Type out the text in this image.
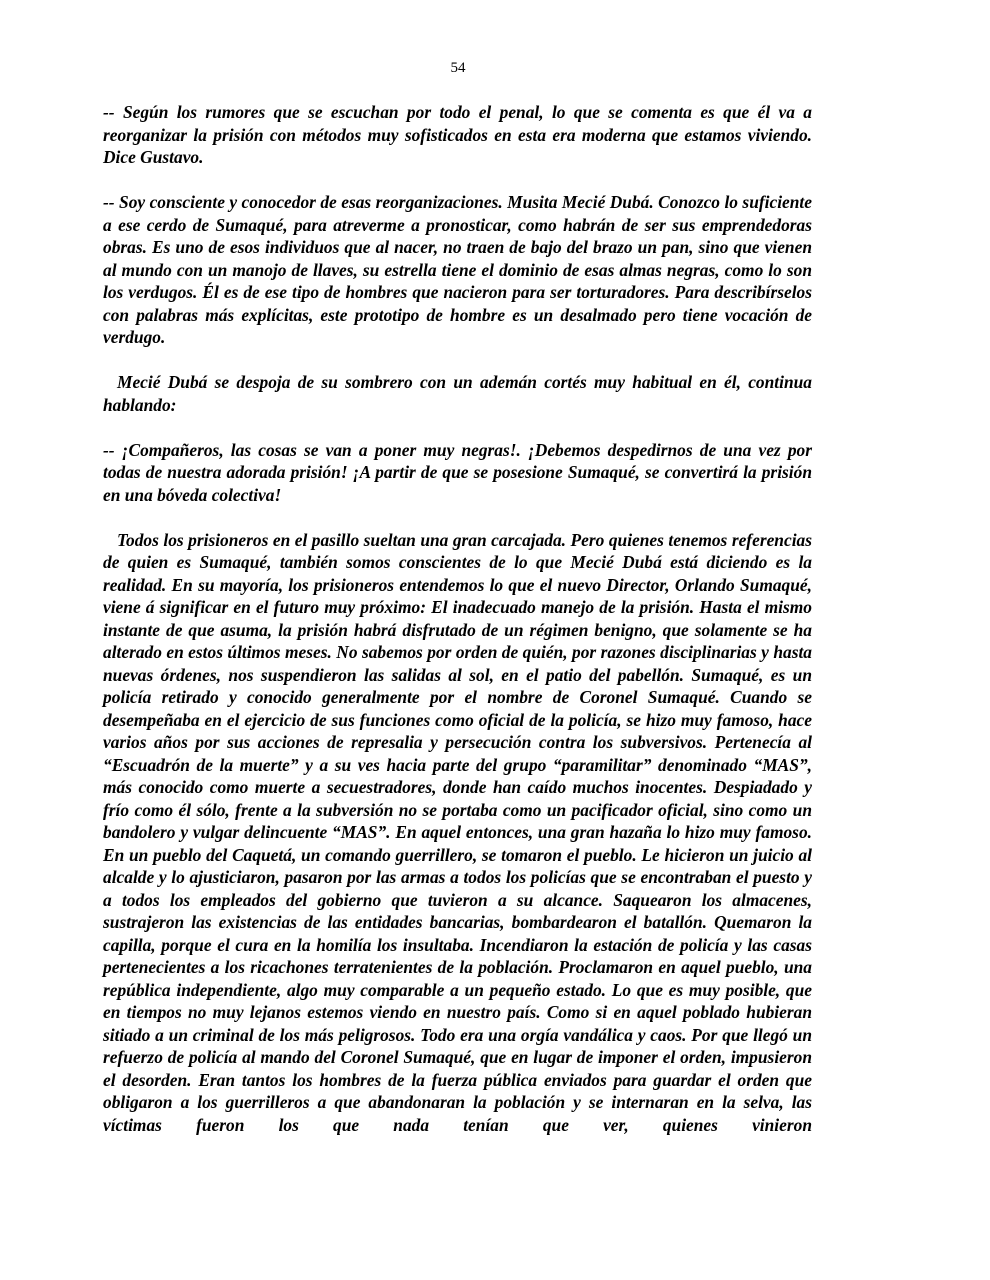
54

-- Según los rumores que se escuchan por todo el penal, lo que se comenta es que él va a reorganizar la prisión con métodos muy sofisticados en esta era moderna que estamos viviendo. Dice Gustavo.

-- Soy consciente y conocedor de esas reorganizaciones. Musita Mecié Dubá. Conozco lo suficiente a ese cerdo de Sumaqué, para atreverme a pronosticar, como habrán de ser sus emprendedoras obras. Es uno de esos individuos que al nacer, no traen de bajo del brazo un pan, sino que vienen al mundo con un manojo de llaves, su estrella tiene el dominio de esas almas negras, como lo son los verdugos. Él es de ese tipo de hombres que nacieron para ser torturadores. Para describírselos con palabras más explícitas, este prototipo de hombre es un desalmado pero tiene vocación de verdugo.

Mecié Dubá se despoja de su sombrero con un ademán cortés muy habitual en él, continua hablando:

-- ¡Compañeros, las cosas se van a poner muy negras!. ¡Debemos despedirnos de una vez por todas de nuestra adorada prisión! ¡A partir de que se posesione Sumaqué, se convertirá la prisión en una bóveda colectiva!

Todos los prisioneros en el pasillo sueltan una gran carcajada. Pero quienes tenemos referencias de quien es Sumaqué, también somos conscientes de lo que Mecié Dubá está diciendo es la realidad. En su mayoría, los prisioneros entendemos lo que el nuevo Director, Orlando Sumaqué, viene á significar en el futuro muy próximo: El inadecuado manejo de la prisión. Hasta el mismo instante de que asuma, la prisión habrá disfrutado de un régimen benigno, que solamente se ha alterado en estos últimos meses. No sabemos por orden de quién, por razones disciplinarias y hasta nuevas órdenes, nos suspendieron las salidas al sol, en el patio del pabellón. Sumaqué, es un policía retirado y conocido generalmente por el nombre de Coronel Sumaqué. Cuando se desempeñaba en el ejercicio de sus funciones como oficial de la policía, se hizo muy famoso, hace varios años por sus acciones de represalia y persecución contra los subversivos. Pertenecía al “Escuadrón de la muerte” y a su ves hacia parte del grupo “paramilitar” denominado “MAS”, más conocido como muerte a secuestradores, donde han caído muchos inocentes. Despiadado y frío como él sólo, frente a la subversión no se portaba como un pacificador oficial, sino como un bandolero y vulgar delincuente “MAS”. En aquel entonces, una gran hazaña lo hizo muy famoso. En un pueblo del Caquetá, un comando guerrillero, se tomaron el pueblo. Le hicieron un juicio al alcalde y lo ajusticiaron, pasaron por las armas a todos los policías que se encontraban el puesto y a todos los empleados del gobierno que tuvieron a su alcance. Saquearon los almacenes, sustrajeron las existencias de las entidades bancarias, bombardearon el batallón. Quemaron la capilla, porque el cura en la homilía los insultaba. Incendiaron la estación de policía y las casas pertenecientes a los ricachones terratenientes de la población. Proclamaron en aquel pueblo, una república independiente, algo muy comparable a un pequeño estado. Lo que es muy posible, que en tiempos no muy lejanos estemos viendo en nuestro país. Como si en aquel poblado hubieran sitiado a un criminal de los más peligrosos. Todo era una orgía vandálica y caos. Por que llegó un refuerzo de policía al mando del Coronel Sumaqué, que en lugar de imponer el orden, impusieron el desorden. Eran tantos los hombres de la fuerza pública enviados para guardar el orden que obligaron a los guerrilleros a que abandonaran la población y se internaran en la selva, las víctimas fueron los que nada tenían que ver, quienes vinieron
